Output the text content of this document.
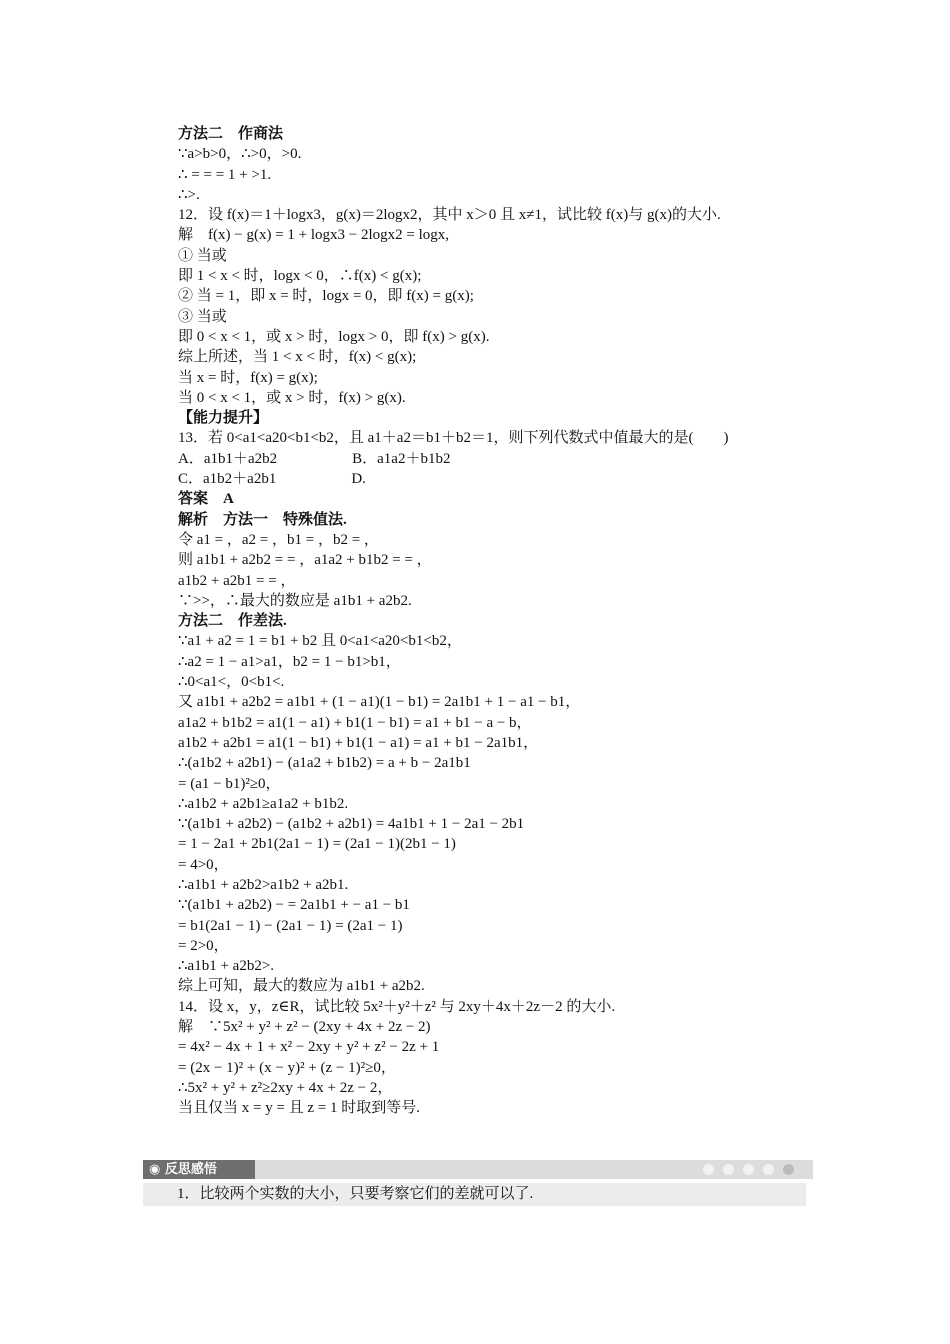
方法二　作商法
∵a>b>0，∴>0，>0.
∴ = = = 1 + >1.
∴>.
12．设 f(x)＝1＋logx3，g(x)＝2logx2，其中 x＞0 且 x≠1，试比较 f(x)与 g(x)的大小.
解　f(x) − g(x) = 1 + logx3 − 2logx2 = logx,
① 当或
即 1 < x < 时，logx < 0，∴f(x) < g(x);
② 当 = 1，即 x = 时，logx = 0，即 f(x) = g(x);
③ 当或
即 0 < x < 1，或 x > 时，logx > 0，即 f(x) > g(x).
综上所述，当 1 < x < 时，f(x) < g(x);
当 x = 时，f(x) = g(x);
当 0 < x < 1，或 x > 时，f(x) > g(x).
【能力提升】
13．若 0<a1<a20<b1<b2，且 a1＋a2＝b1＋b2＝1，则下列代数式中值最大的是(　　)
A．a1b1＋a2b2　　　　　B．a1a2＋b1b2
C．a1b2＋a2b1　　　　　D.
答案　A
解析　方法一　特殊值法.
令 a1 = ，a2 = ，b1 = ，b2 = ，
则 a1b1 + a2b2 = = ，a1a2 + b1b2 = = ，
a1b2 + a2b1 = = ，
∵>>，∴最大的数应是 a1b1 + a2b2.
方法二　作差法.
∵a1 + a2 = 1 = b1 + b2 且 0<a1<a20<b1<b2，
∴a2 = 1 − a1>a1，b2 = 1 − b1>b1，
∴0<a1<，0<b1<.
又 a1b1 + a2b2 = a1b1 + (1 − a1)(1 − b1) = 2a1b1 + 1 − a1 − b1，
a1a2 + b1b2 = a1(1 − a1) + b1(1 − b1) = a1 + b1 − a − b，
a1b2 + a2b1 = a1(1 − b1) + b1(1 − a1) = a1 + b1 − 2a1b1，
∴(a1b2 + a2b1) − (a1a2 + b1b2) = a + b − 2a1b1
= (a1 − b1)²≥0，
∴a1b2 + a2b1≥a1a2 + b1b2.
∵(a1b1 + a2b2) − (a1b2 + a2b1) = 4a1b1 + 1 − 2a1 − 2b1
= 1 − 2a1 + 2b1(2a1 − 1) = (2a1 − 1)(2b1 − 1)
= 4>0，
∴a1b1 + a2b2>a1b2 + a2b1.
∵(a1b1 + a2b2) − = 2a1b1 + − a1 − b1
= b1(2a1 − 1) − (2a1 − 1) = (2a1 − 1)
= 2>0，
∴a1b1 + a2b2>.
综上可知，最大的数应为 a1b1 + a2b2.
14．设 x，y，z∈R，试比较 5x²＋y²＋z² 与 2xy＋4x＋2z－2 的大小.
解　∵5x² + y² + z² − (2xy + 4x + 2z − 2)
= 4x² − 4x + 1 + x² − 2xy + y² + z² − 2z + 1
= (2x − 1)² + (x − y)² + (z − 1)²≥0，
∴5x² + y² + z²≥2xy + 4x + 2z − 2，
当且仅当 x = y = 且 z = 1 时取到等号.
◉ 反思感悟
1．比较两个实数的大小，只要考察它们的差就可以了.
